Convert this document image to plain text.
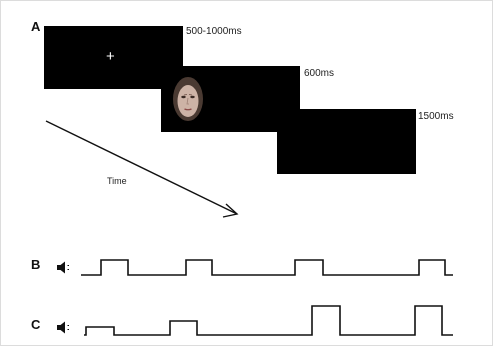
A
+
500-1000ms
600ms
1500ms
Time
B
C
